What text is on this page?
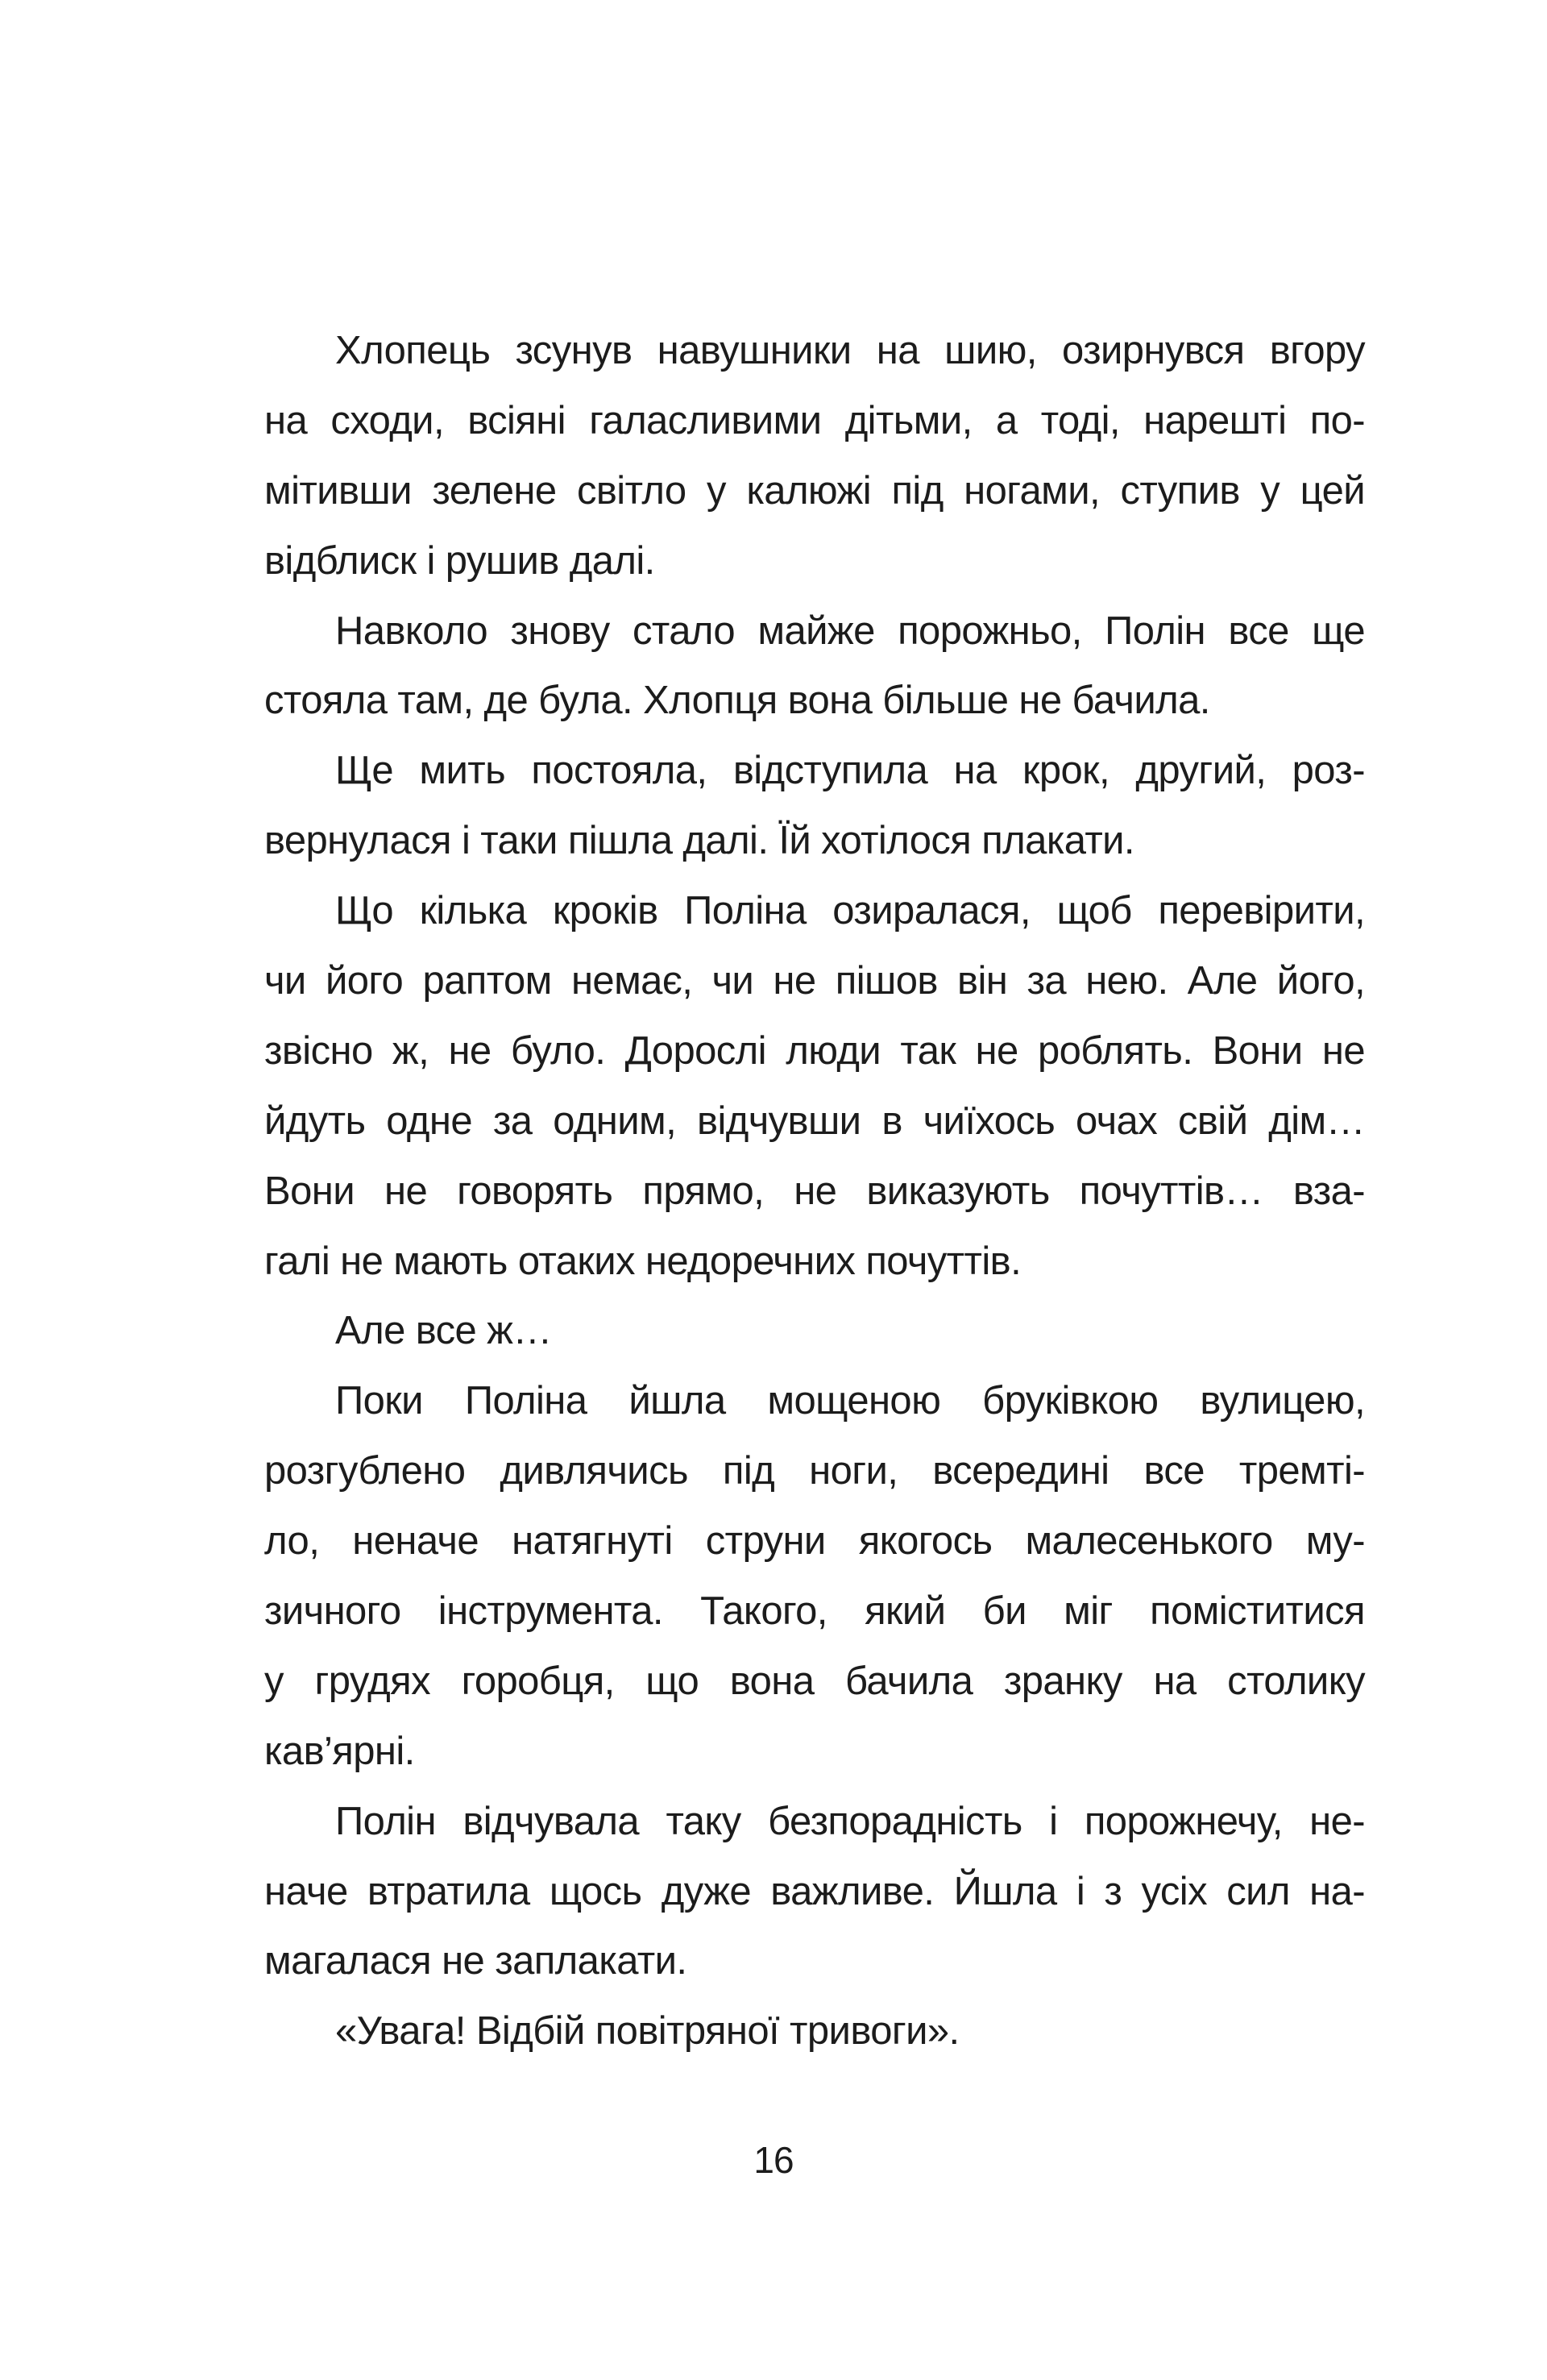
Хлопець зсунув навушники на шию, озирнувся вгору
на сходи, всіяні галасливими дітьми, а тоді, нарешті по-
мітивши зелене світло у калюжі під ногами, ступив у цей
відблиск і рушив далі.
Навколо знову стало майже порожньо, Полін все ще
стояла там, де була. Хлопця вона більше не бачила.
Ще мить постояла, відступила на крок, другий, роз-
вернулася і таки пішла далі. Їй хотілося плакати.
Що кілька кроків Поліна озиралася, щоб перевірити,
чи його раптом немає, чи не пішов він за нею. Але його,
звісно ж, не було. Дорослі люди так не роблять. Вони не
йдуть одне за одним, відчувши в чиїхось очах свій дім…
Вони не говорять прямо, не виказують почуттів… вза-
галі не мають отаких недоречних почуттів.
Але все ж…
Поки Поліна йшла мощеною бруківкою вулицею,
розгублено дивлячись під ноги, всередині все тремті-
ло, неначе натягнуті струни якогось малесенького му-
зичного інструмента. Такого, який би міг поміститися
у грудях горобця, що вона бачила зранку на столику
кав’ярні.
Полін відчувала таку безпорадність і порожнечу, не-
наче втратила щось дуже важливе. Йшла і з усіх сил на-
магалася не заплакати.
«Увага! Відбій повітряної тривоги».
16
